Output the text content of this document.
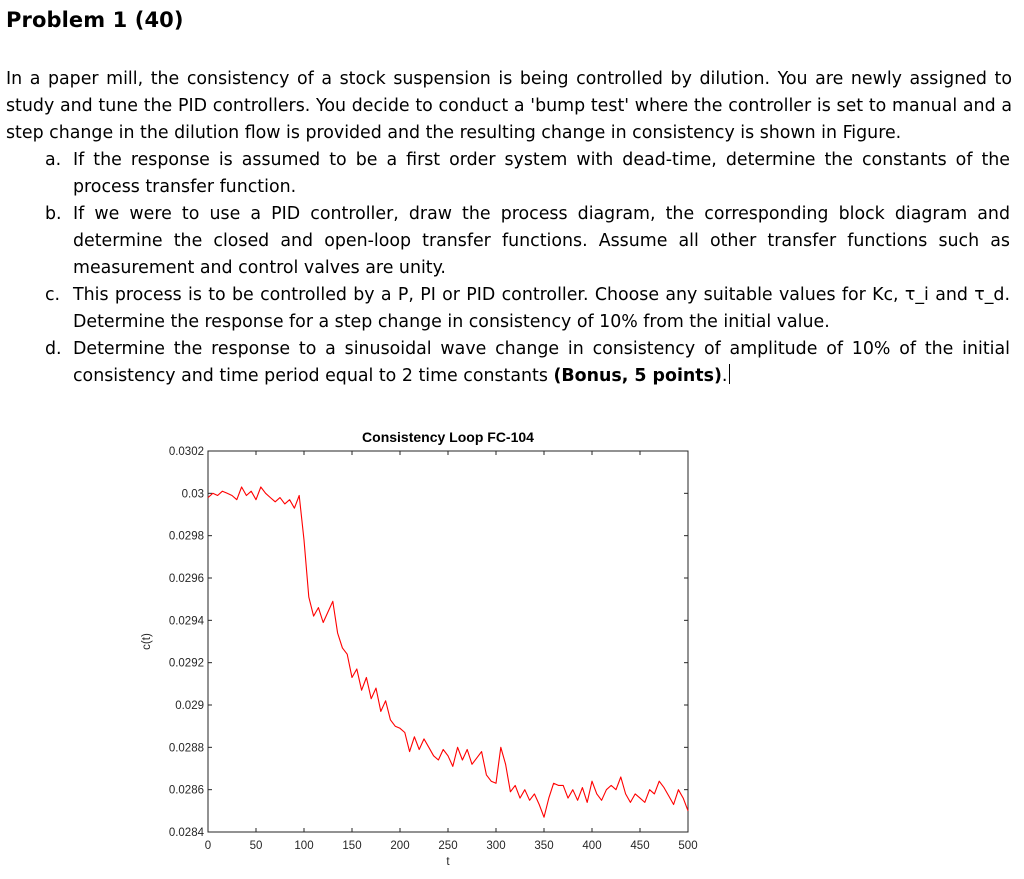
Problem 1 (40)
In a paper mill, the consistency of a stock suspension is being controlled by dilution. You are newly assigned to study and tune the PID controllers. You decide to conduct a 'bump test' where the controller is set to manual and a step change in the dilution flow is provided and the resulting change in consistency is shown in Figure.
a. If the response is assumed to be a first order system with dead-time, determine the constants of the process transfer function.
b. If we were to use a PID controller, draw the process diagram, the corresponding block diagram and determine the closed and open-loop transfer functions. Assume all other transfer functions such as measurement and control valves are unity.
c. This process is to be controlled by a P, PI or PID controller. Choose any suitable values for Kc, τ_i and τ_d. Determine the response for a step change in consistency of 10% from the initial value.
d. Determine the response to a sinusoidal wave change in consistency of amplitude of 10% of the initial consistency and time period equal to 2 time constants (Bonus, 5 points).
0	50	100	150	200	250	300	350	400	450	500
0.0284
0.0286
0.0288
0.029
0.0292
0.0294
0.0296
0.0298
0.03
0.0302
Consistency Loop FC-104
t
c(t)
